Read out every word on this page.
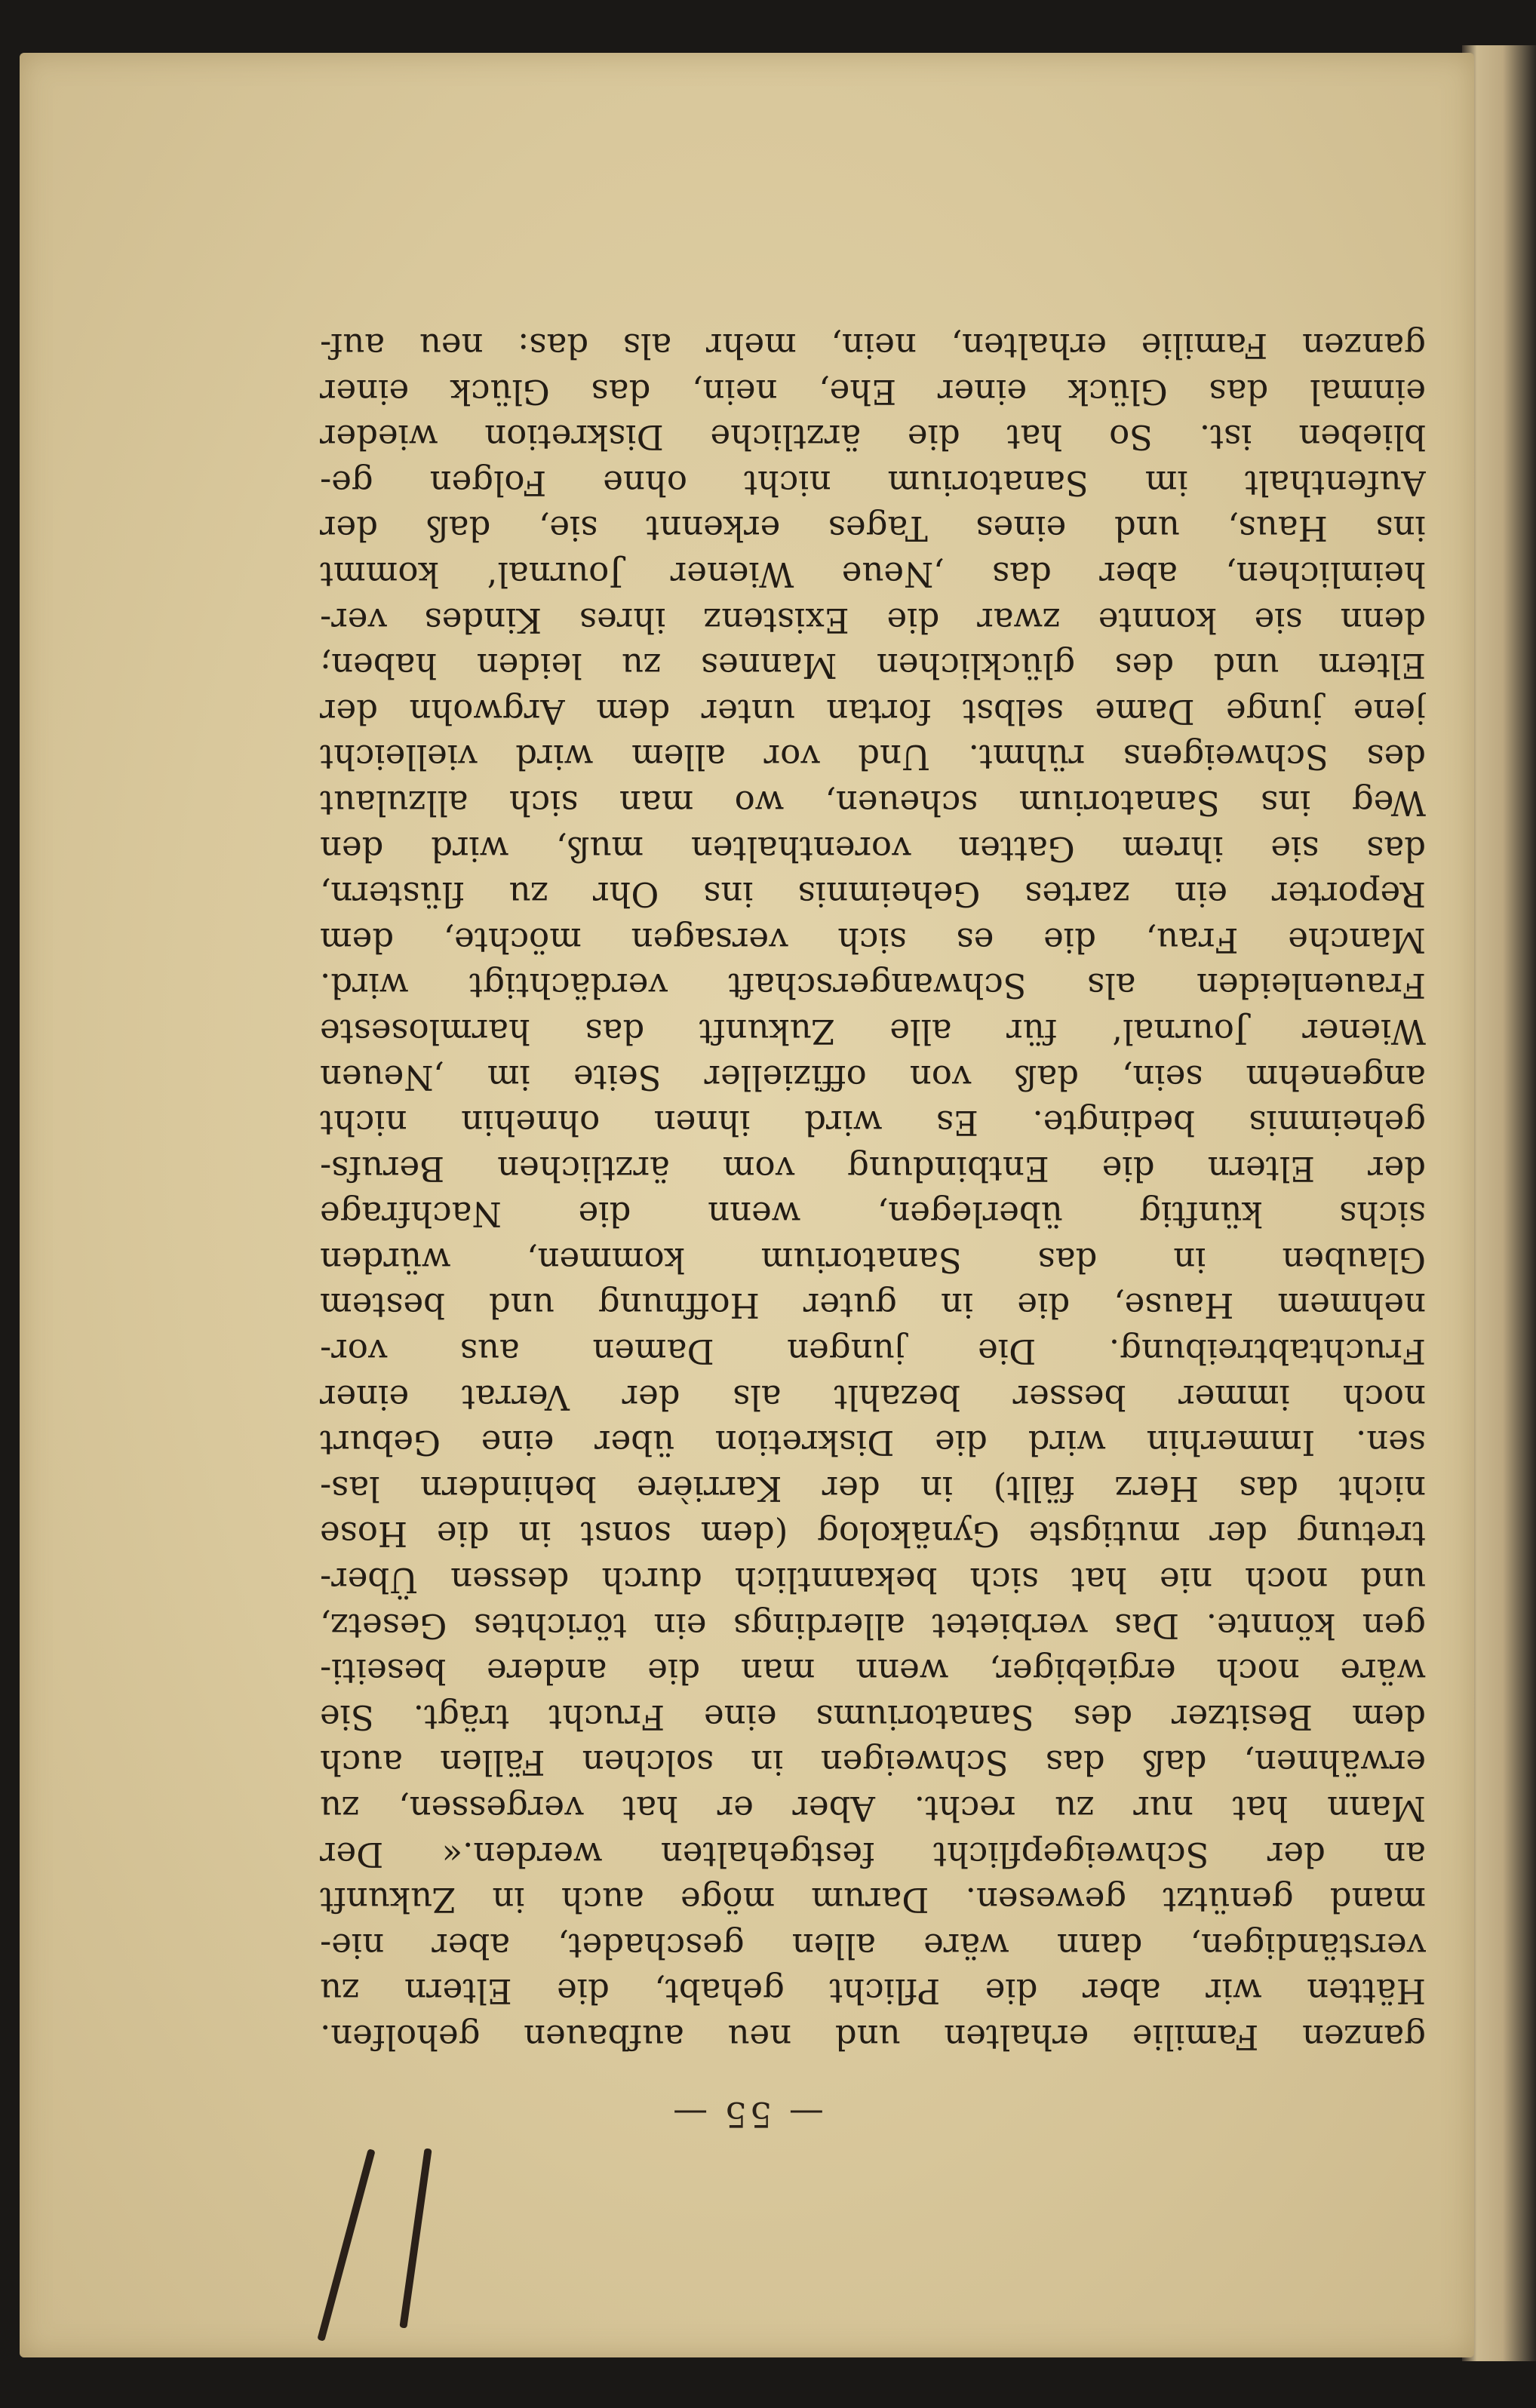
— 55 —
ganzen Familie erhalten und neu aufbauen geholfen.
Hätten wir aber die Pflicht gehabt, die Eltern zu
verständigen, dann wäre allen geschadet, aber nie-
mand genützt gewesen. Darum möge auch in Zukunft
an der Schweigepflicht festgehalten werden.« Der
Mann hat nur zu recht. Aber er hat vergessen, zu
erwähnen, daß das Schweigen in solchen Fällen auch
dem Besitzer des Sanatoriums eine Frucht trägt. Sie
wäre noch ergiebiger, wenn man die andere beseiti-
gen könnte. Das verbietet allerdings ein törichtes Gesetz,
und noch nie hat sich bekanntlich durch dessen Über-
tretung der mutigste Gynäkolog (dem sonst in die Hose
nicht das Herz fällt) in der Karrière behindern las-
sen. Immerhin wird die Diskretion über eine Geburt
noch immer besser bezahlt als der Verrat einer
Fruchtabtreibung. Die jungen Damen aus vor-
nehmem Hause, die in guter Hoffnung und bestem
Glauben in das Sanatorium kommen, würden
sichs künftig überlegen, wenn die Nachfrage
der Eltern die Entbindung vom ärztlichen Berufs-
geheimnis bedingte. Es wird ihnen ohnehin nicht
angenehm sein, daß von offizieller Seite im ‚Neuen
Wiener Journal‘ für alle Zukunft das harmloseste
Frauenleiden als Schwangerschaft verdächtigt wird.
Manche Frau, die es sich versagen möchte, dem
Reporter ein zartes Geheimnis ins Ohr zu flüstern,
das sie ihrem Gatten vorenthalten muß, wird den
Weg ins Sanatorium scheuen, wo man sich allzulaut
des Schweigens rühmt. Und vor allem wird vielleicht
jene junge Dame selbst fortan unter dem Argwohn der
Eltern und des glücklichen Mannes zu leiden haben;
denn sie konnte zwar die Existenz ihres Kindes ver-
heimlichen, aber das ‚Neue Wiener Journal‘ kommt
ins Haus, und eines Tages erkennt sie, daß der
Aufenthalt im Sanatorium nicht ohne Folgen ge-
blieben ist. So hat die ärztliche Diskretion wieder
einmal das Glück einer Ehe, nein, das Glück einer
ganzen Familie erhalten, nein, mehr als das: neu auf-
